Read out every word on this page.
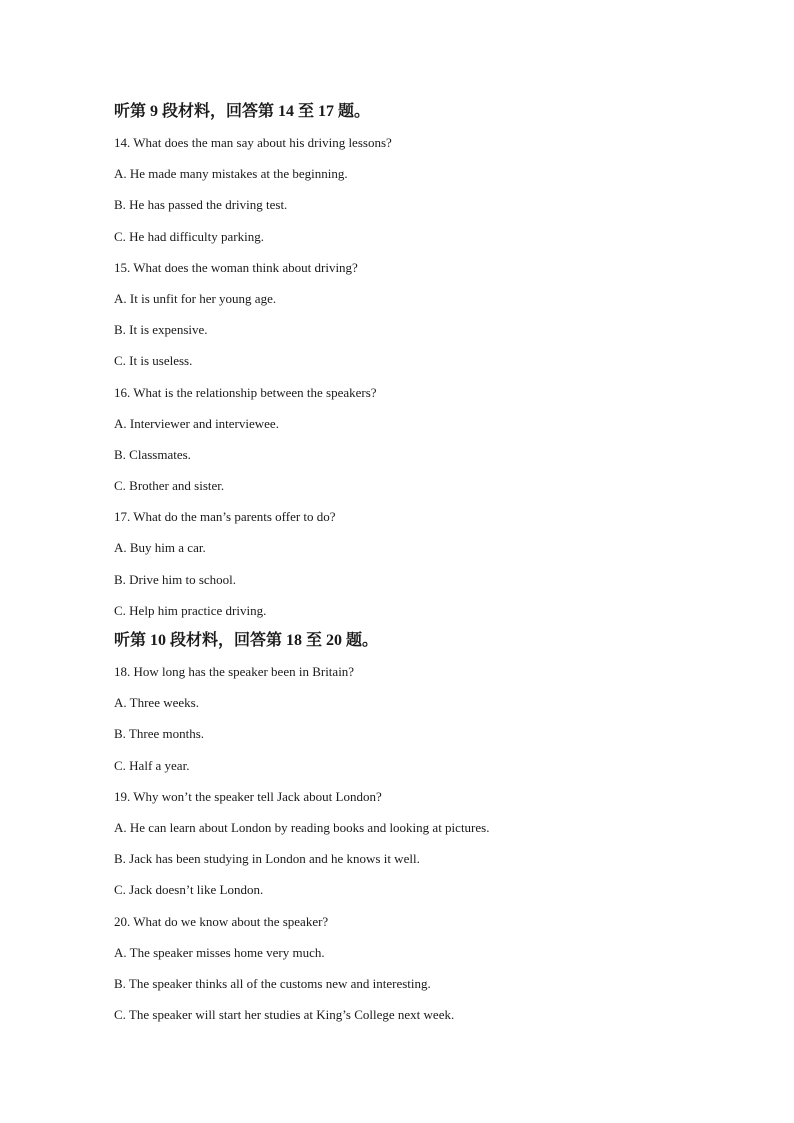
听第 9 段材料，回答第 14 至 17 题。
14. What does the man say about his driving lessons?
A. He made many mistakes at the beginning.
B. He has passed the driving test.
C. He had difficulty parking.
15. What does the woman think about driving?
A. It is unfit for her young age.
B. It is expensive.
C. It is useless.
16. What is the relationship between the speakers?
A. Interviewer and interviewee.
B. Classmates.
C. Brother and sister.
17. What do the man’s parents offer to do?
A. Buy him a car.
B. Drive him to school.
C. Help him practice driving.
听第 10 段材料，回答第 18 至 20 题。
18. How long has the speaker been in Britain?
A. Three weeks.
B. Three months.
C. Half a year.
19. Why won’t the speaker tell Jack about London?
A. He can learn about London by reading books and looking at pictures.
B. Jack has been studying in London and he knows it well.
C. Jack doesn’t like London.
20. What do we know about the speaker?
A. The speaker misses home very much.
B. The speaker thinks all of the customs new and interesting.
C. The speaker will start her studies at King’s College next week.
